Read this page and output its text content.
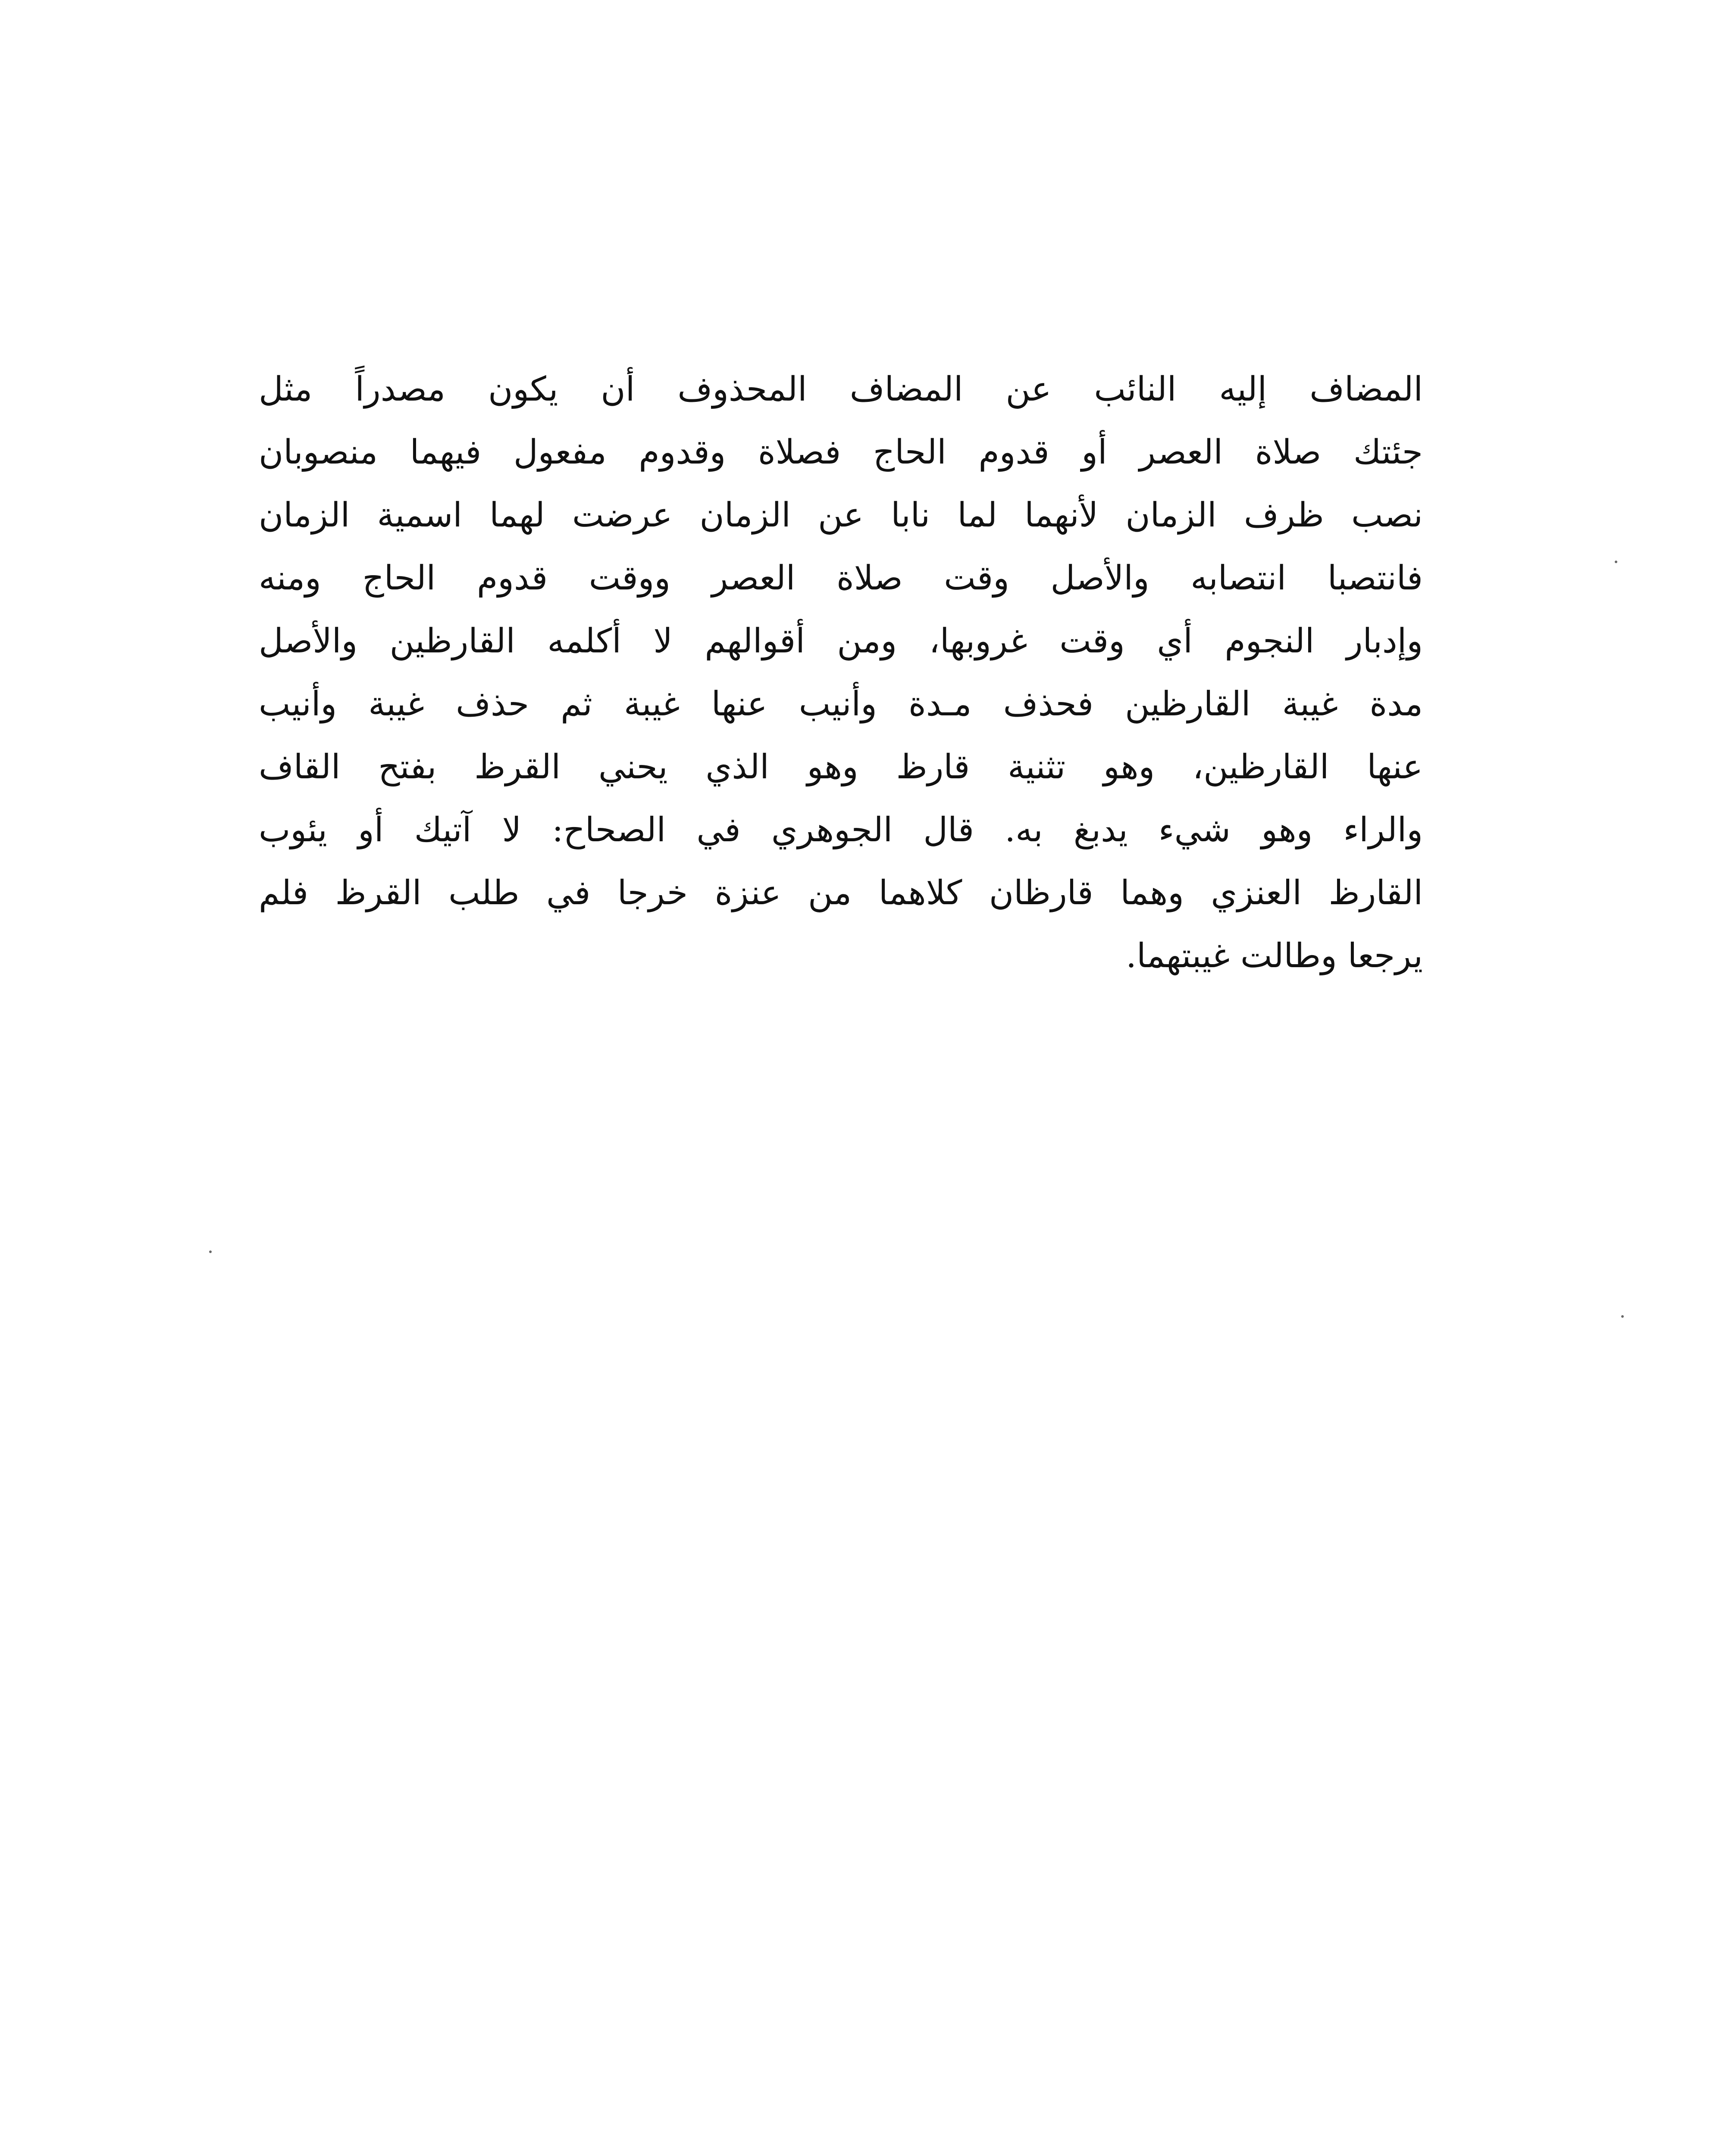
المضاف إليه النائب عن المضاف المحذوف أن يكون مصدراً مثل
جئتك صلاة العصر أو قدوم الحاج فصلاة وقدوم مفعول فيهما منصوبان
نصب ظرف الزمان لأنهما لما نابا عن الزمان عرضت لهما اسمية الزمان
فانتصبا انتصابه والأصل وقت صلاة العصر ووقت قدوم الحاج ومنه
وإدبار النجوم أي وقت غروبها، ومن أقوالهم لا أكلمه القارظين والأصل
مدة غيبة القارظين فحذف مـدة وأنيب عنها غيبة ثم حذف غيبة وأنيب
عنها القارظين، وهو تثنية قارظ وهو الذي يحني القرظ بفتح القاف
والراء وهو شيء يدبغ به. قال الجوهري في الصحاح: لا آتيك أو يئوب
القارظ العنزي وهما قارظان كلاهما من عنزة خرجا في طلب القرظ فلم
يرجعا وطالت غيبتهما.
